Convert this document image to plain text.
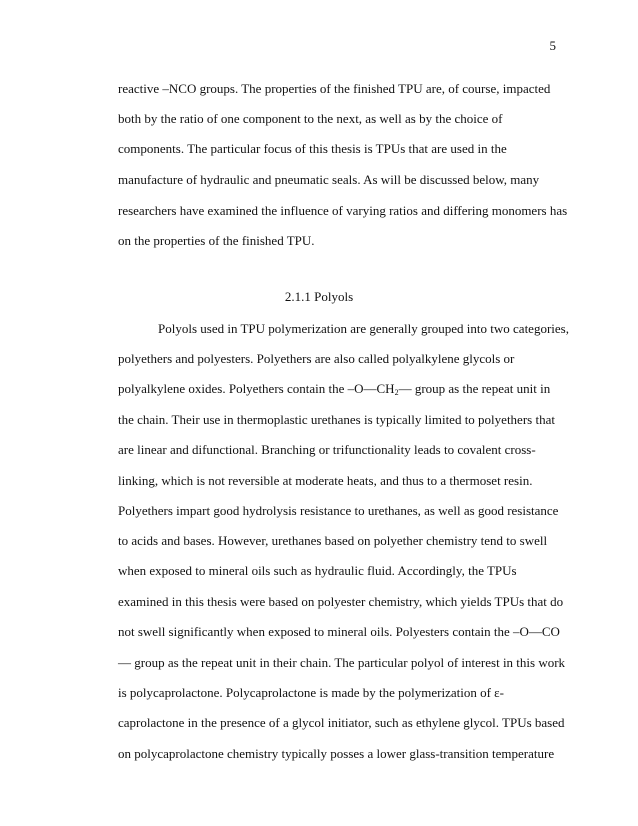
5
reactive –NCO groups. The properties of the finished TPU are, of course, impacted
both by the ratio of one component to the next, as well as by the choice of
components. The particular focus of this thesis is TPUs that are used in the
manufacture of hydraulic and pneumatic seals. As will be discussed below, many
researchers have examined the influence of varying ratios and differing monomers has
on the properties of the finished TPU.
2.1.1 Polyols
Polyols used in TPU polymerization are generally grouped into two categories,
polyethers and polyesters. Polyethers are also called polyalkylene glycols or
polyalkylene oxides. Polyethers contain the $-O—CH_2—$ group as the repeat unit in
the chain. Their use in thermoplastic urethanes is typically limited to polyethers that
are linear and difunctional. Branching or trifunctionality leads to covalent cross-
linking, which is not reversible at moderate heats, and thus to a thermoset resin.
Polyethers impart good hydrolysis resistance to urethanes, as well as good resistance
to acids and bases. However, urethanes based on polyether chemistry tend to swell
when exposed to mineral oils such as hydraulic fluid. Accordingly, the TPUs
examined in this thesis were based on polyester chemistry, which yields TPUs that do
not swell significantly when exposed to mineral oils. Polyesters contain the –O—CO
— group as the repeat unit in their chain. The particular polyol of interest in this work
is polycaprolactone. Polycaprolactone is made by the polymerization of ε-
caprolactone in the presence of a glycol initiator, such as ethylene glycol. TPUs based
on polycaprolactone chemistry typically posses a lower glass-transition temperature
